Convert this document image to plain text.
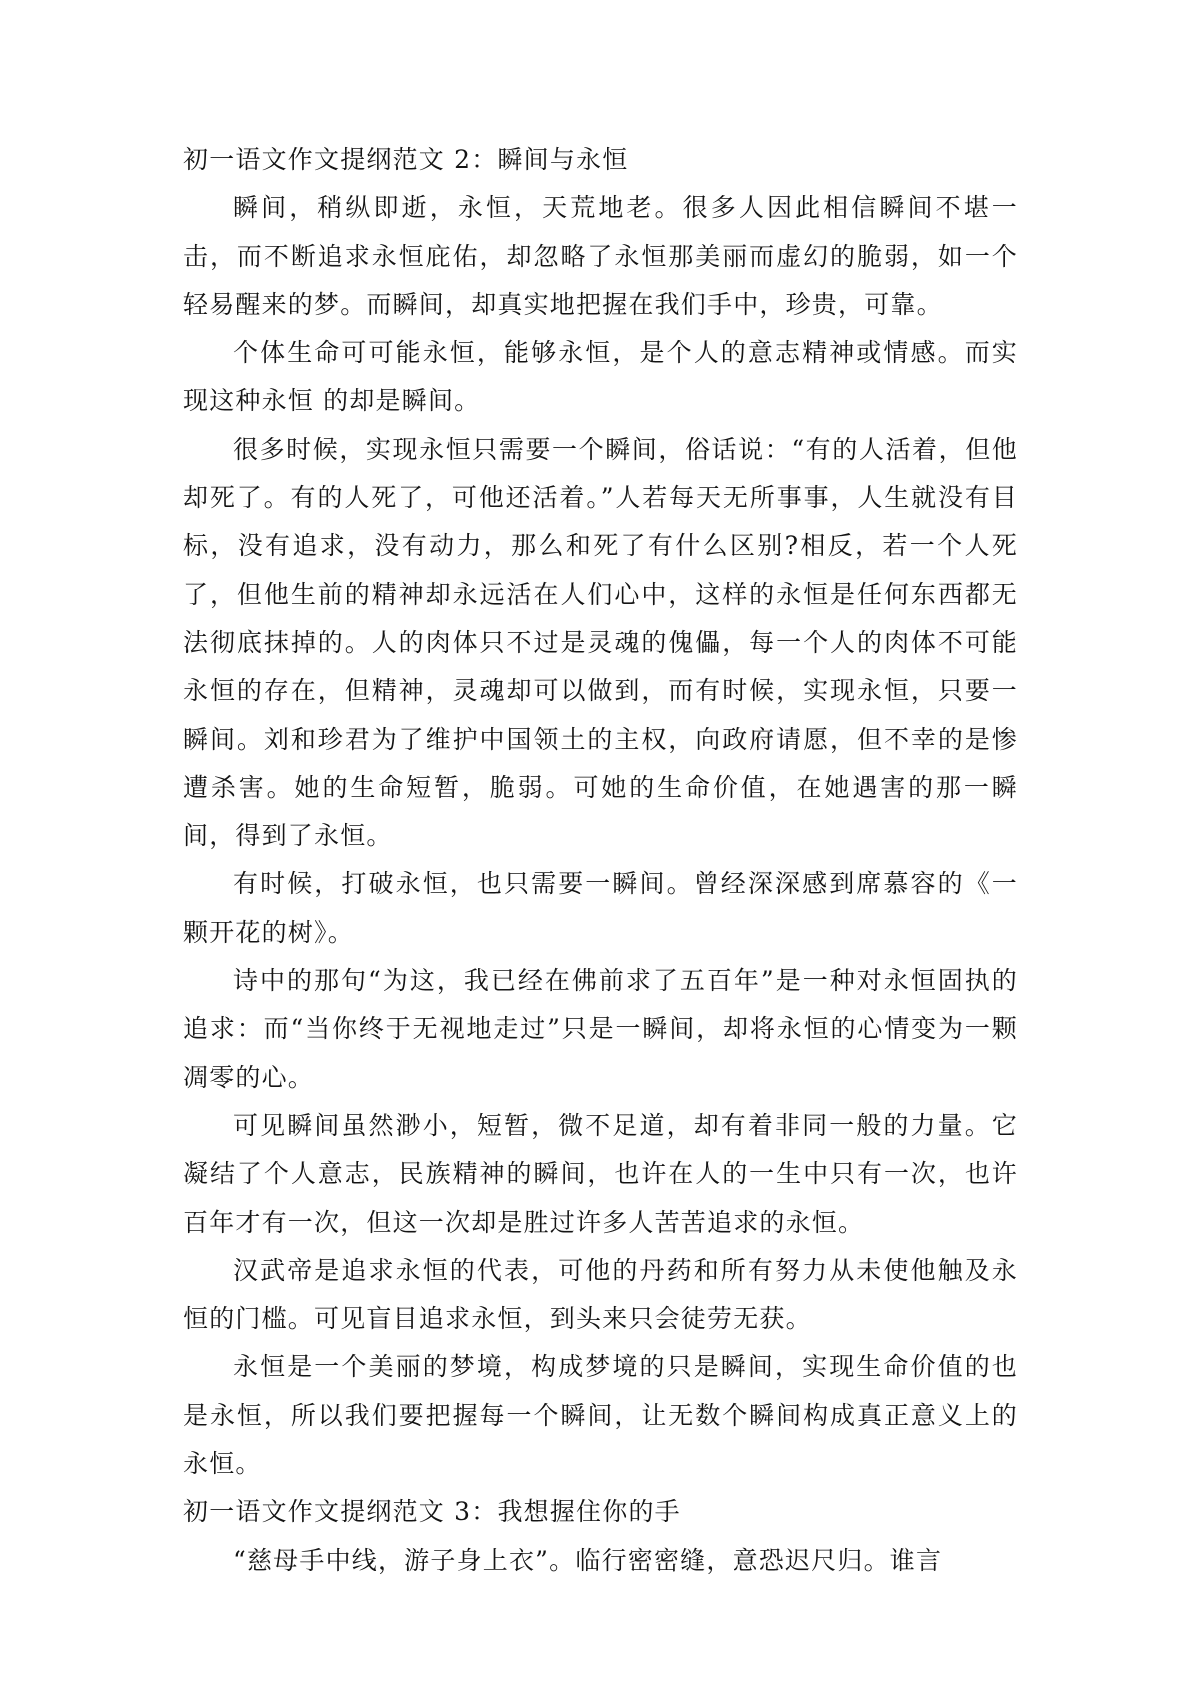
初一语文作文提纲范文 2：瞬间与永恒

瞬间，稍纵即逝，永恒，天荒地老。很多人因此相信瞬间不堪一击，而不断追求永恒庇佑，却忽略了永恒那美丽而虚幻的脆弱，如一个轻易醒来的梦。而瞬间，却真实地把握在我们手中，珍贵，可靠。

个体生命可可能永恒，能够永恒，是个人的意志精神或情感。而实现这种永恒 的却是瞬间。

很多时候，实现永恒只需要一个瞬间，俗话说：“有的人活着，但他却死了。有的人死了，可他还活着。”人若每天无所事事，人生就没有目标，没有追求，没有动力，那么和死了有什么区别?相反，若一个人死了，但他生前的精神却永远活在人们心中，这样的永恒是任何东西都无法彻底抹掉的。人的肉体只不过是灵魂的傀儡，每一个人的肉体不可能永恒的存在，但精神，灵魂却可以做到，而有时候，实现永恒，只要一瞬间。刘和珍君为了维护中国领土的主权，向政府请愿，但不幸的是惨遭杀害。她的生命短暂，脆弱。可她的生命价值，在她遇害的那一瞬间，得到了永恒。

有时候，打破永恒，也只需要一瞬间。曾经深深感到席慕容的《一颗开花的树》。

诗中的那句“为这，我已经在佛前求了五百年”是一种对永恒固执的追求：而“当你终于无视地走过”只是一瞬间，却将永恒的心情变为一颗凋零的心。

可见瞬间虽然渺小，短暂，微不足道，却有着非同一般的力量。它凝结了个人意志，民族精神的瞬间，也许在人的一生中只有一次，也许百年才有一次，但这一次却是胜过许多人苦苦追求的永恒。

汉武帝是追求永恒的代表，可他的丹药和所有努力从未使他触及永恒的门槛。可见盲目追求永恒，到头来只会徒劳无获。

永恒是一个美丽的梦境，构成梦境的只是瞬间，实现生命价值的也是永恒，所以我们要把握每一个瞬间，让无数个瞬间构成真正意义上的永恒。

初一语文作文提纲范文 3：我想握住你的手

“慈母手中线，游子身上衣”。临行密密缝，意恐迟尺归。谁言
